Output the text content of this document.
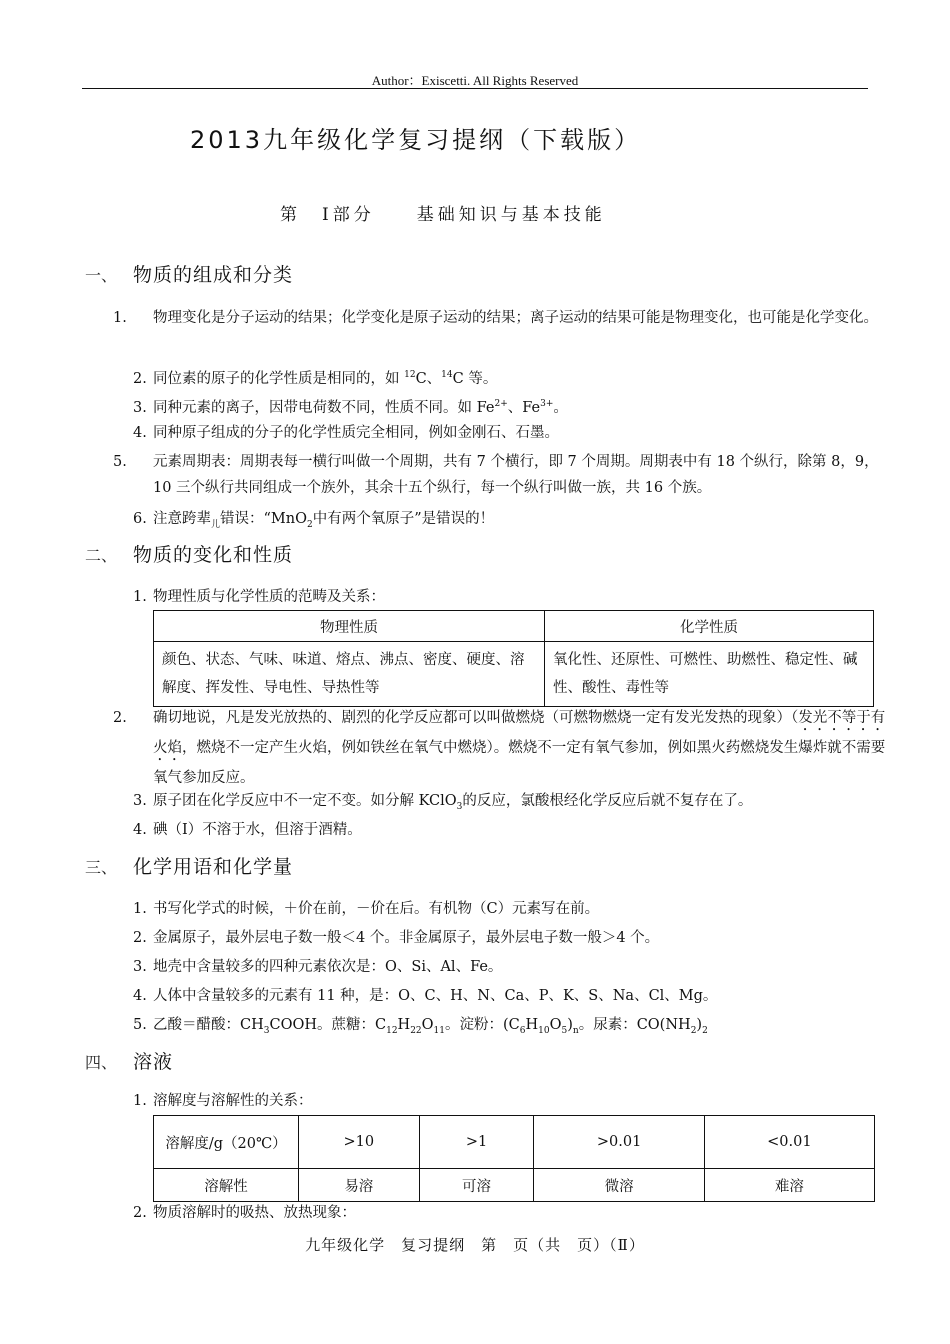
Author：Exiscetti. All Rights Reserved
2013九年级化学复习提纲（下载版）
第　Ⅰ部分　　 基础知识与基本技能
一、 物质的组成和分类
1. 物理变化是分子运动的结果；化学变化是原子运动的结果；离子运动的结果可能是物理变化，也可能是化学变化。
2. 同位素的原子的化学性质是相同的，如 $^{12}$C、$^{14}$C 等。
3. 同种元素的离子，因带电荷数不同，性质不同。如 $Fe^{2+}$、$Fe^{3+}$。
4. 同种原子组成的分子的化学性质完全相同，例如金刚石、石墨。
5. 元素周期表：周期表每一横行叫做一个周期，共有 7 个横行，即 7 个周期。周期表中有 18 个纵行，除第 8，9，10 三个纵行共同组成一个族外，其余十五个纵行，每一个纵行叫做一族，共 16 个族。
6. 注意跨辈$_儿$错误：“MnO$_2$中有两个氧原子”是错误的！
二、 物质的变化和性质
1. 物理性质与化学性质的范畴及关系：
物理性质	化学性质
颜色、状态、气味、味道、熔点、沸点、密度、硬度、溶解度、挥发性、导电性、导热性等	氧化性、还原性、可燃性、助燃性、稳定性、碱性、酸性、毒性等
2. 确切地说，凡是发光放热的、剧烈的化学反应都可以叫做燃烧（可燃物燃烧一定有发光发热的现象）（发光不等于有火焰，燃烧不一定产生火焰，例如铁丝在氧气中燃烧）。燃烧不一定有氧气参加，例如黑火药燃烧发生爆炸就不需要氧气参加反应。
3. 原子团在化学反应中不一定不变。如分解 KClO$_3$的反应，氯酸根经化学反应后就不复存在了。
4. 碘（I）不溶于水，但溶于酒精。
三、 化学用语和化学量
1. 书写化学式的时候，＋价在前，－价在后。有机物（C）元素写在前。
2. 金属原子，最外层电子数一般＜4 个。非金属原子，最外层电子数一般＞4 个。
3. 地壳中含量较多的四种元素依次是：O、Si、Al、Fe。
4. 人体中含量较多的元素有 11 种，是：O、C、H、N、Ca、P、K、S、Na、Cl、Mg。
5. 乙酸＝醋酸：$CH_3COOH$。蔗糖：$C_{12}H_{22}O_{11}$。淀粉：$(C_6H_{10}O_5)_n$。尿素：$CO(NH_2)_2$
四、 溶液
1. 溶解度与溶解性的关系：
溶解度/g（20℃）	>10	>1	>0.01	<0.01
溶解性	易溶	可溶	微溶	难溶
2. 物质溶解时的吸热、放热现象：
九年级化学　复习提纲　第　页（共　页）（Ⅱ）
